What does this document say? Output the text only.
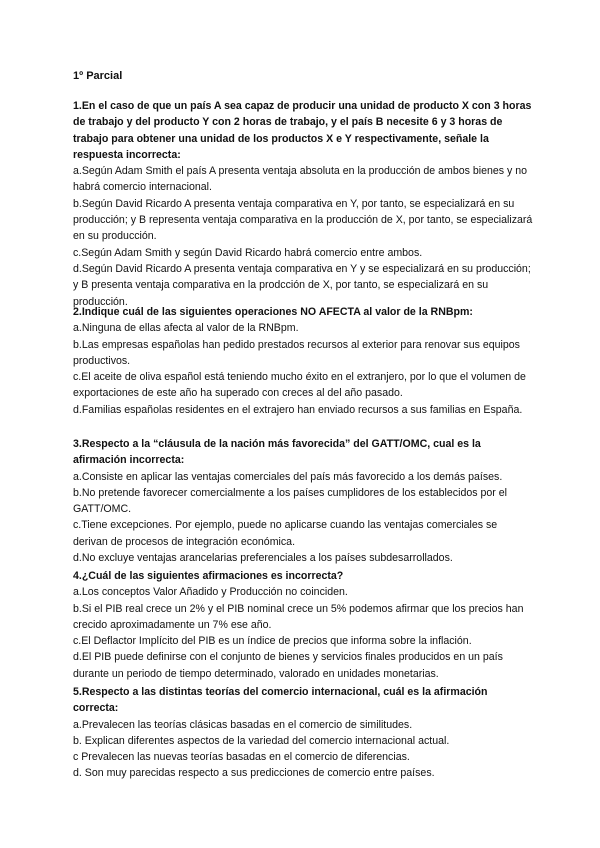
1º Parcial

1.En el caso de que un país A sea capaz de producir una unidad de producto X con 3 horas de trabajo y del producto Y con 2 horas de trabajo, y el país B necesite 6 y 3 horas de trabajo para obtener una unidad de los productos X e Y respectivamente, señale la respuesta incorrecta:

a.Según Adam Smith el país A presenta ventaja absoluta en la producción de ambos bienes y no habrá comercio internacional.

b.Según David Ricardo A presenta ventaja comparativa en Y, por tanto, se especializará en su producción; y B representa ventaja comparativa en la producción de X, por tanto, se especializará en su producción.

c.Según Adam Smith y según David Ricardo habrá comercio entre ambos.

d.Según David Ricardo A presenta ventaja comparativa en Y y se especializará en su producción; y B presenta ventaja comparativa en la prodcción de X, por tanto, se especializará en su producción.

2.Indique cuál de las siguientes operaciones NO AFECTA al valor de la RNBpm:

a.Ninguna de ellas afecta al valor de la RNBpm.

b.Las empresas españolas han pedido prestados recursos al exterior para renovar sus equipos productivos.

c.El aceite de oliva español está teniendo mucho éxito en el extranjero, por lo que el volumen de exportaciones de este año ha superado con creces al del año pasado.

d.Familias españolas residentes en el extrajero han enviado recursos a sus familias en España.

3.Respecto a la “cláusula de la nación más favorecida” del GATT/OMC, cual es la afirmación incorrecta:

a.Consiste en aplicar las ventajas comerciales del país más favorecido a los demás países.

b.No pretende favorecer comercialmente a los países cumplidores de los establecidos por el GATT/OMC.

c.Tiene excepciones. Por ejemplo, puede no aplicarse cuando las ventajas comerciales se derivan de procesos de integración económica.

d.No excluye ventajas arancelarias preferenciales a los países subdesarrollados.

4.¿Cuál de las siguientes afirmaciones es incorrecta?

a.Los conceptos Valor Añadido y Producción no coinciden.

b.Si el PIB real crece un 2% y el PIB nominal crece un 5% podemos afirmar que los precios han crecido aproximadamente un 7% ese año.

c.El Deflactor Implícito del PIB es un índice de precios que informa sobre la inflación.

d.El PIB puede definirse con el conjunto de bienes y servicios finales producidos en un país durante un periodo de tiempo determinado, valorado en unidades monetarias.

5.Respecto a las distintas teorías del comercio internacional, cuál es la afirmación correcta:

a.Prevalecen las teorías clásicas basadas en el comercio de similitudes.

b. Explican diferentes aspectos de la variedad del comercio internacional actual.

c Prevalecen las nuevas teorías basadas en el comercio de diferencias.

d. Son muy parecidas respecto a sus predicciones de comercio entre países.
